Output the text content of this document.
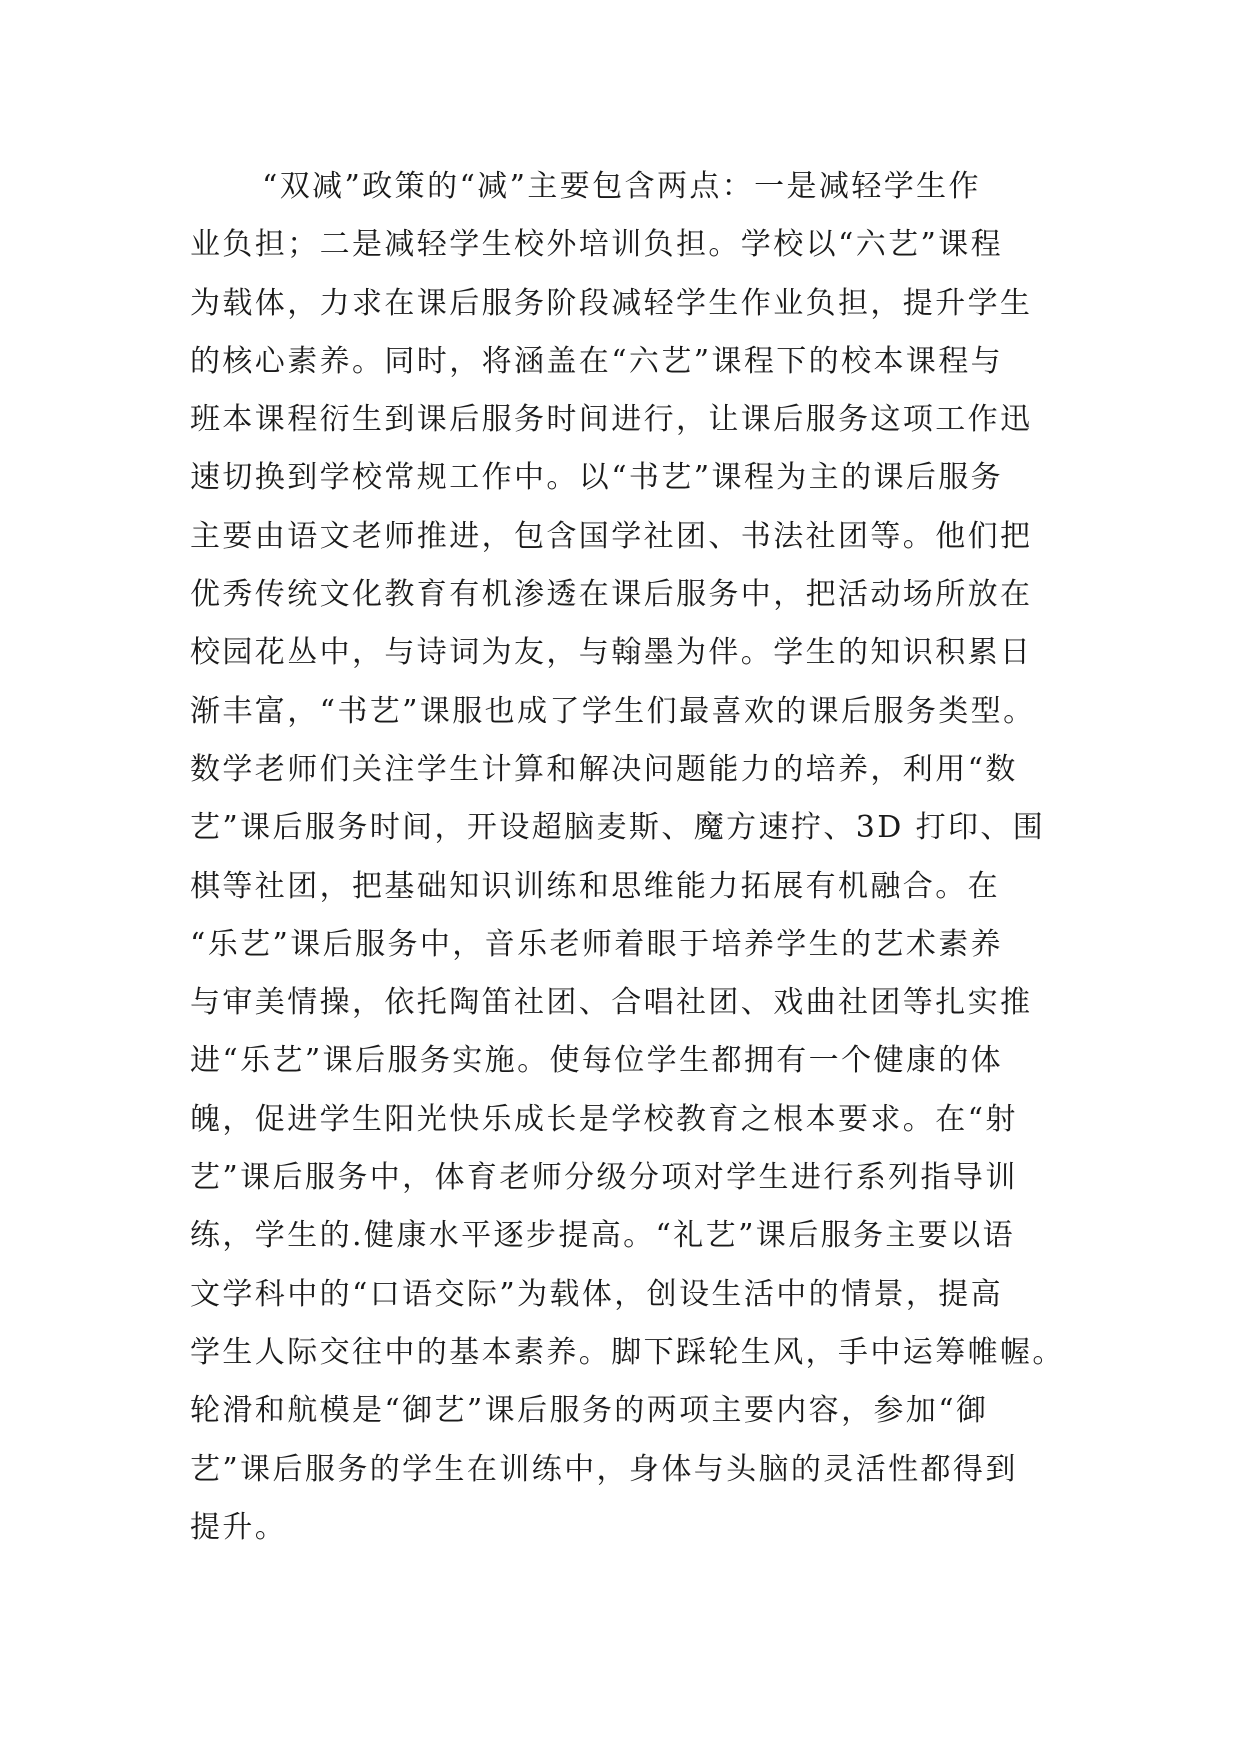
“双减”政策的“减”主要包含两点：一是减轻学生作
业负担；二是减轻学生校外培训负担。学校以“六艺”课程
为载体，力求在课后服务阶段减轻学生作业负担，提升学生
的核心素养。同时，将涵盖在“六艺”课程下的校本课程与
班本课程衍生到课后服务时间进行，让课后服务这项工作迅
速切换到学校常规工作中。以“书艺”课程为主的课后服务
主要由语文老师推进，包含国学社团、书法社团等。他们把
优秀传统文化教育有机渗透在课后服务中，把活动场所放在
校园花丛中，与诗词为友，与翰墨为伴。学生的知识积累日
渐丰富，“书艺”课服也成了学生们最喜欢的课后服务类型。
数学老师们关注学生计算和解决问题能力的培养，利用“数
艺”课后服务时间，开设超脑麦斯、魔方速拧、3D 打印、围
棋等社团，把基础知识训练和思维能力拓展有机融合。在
“乐艺”课后服务中，音乐老师着眼于培养学生的艺术素养
与审美情操，依托陶笛社团、合唱社团、戏曲社团等扎实推
进“乐艺”课后服务实施。使每位学生都拥有一个健康的体
魄，促进学生阳光快乐成长是学校教育之根本要求。在“射
艺”课后服务中，体育老师分级分项对学生进行系列指导训
练，学生的.健康水平逐步提高。“礼艺”课后服务主要以语
文学科中的“口语交际”为载体，创设生活中的情景，提高
学生人际交往中的基本素养。脚下踩轮生风，手中运筹帷幄。
轮滑和航模是“御艺”课后服务的两项主要内容，参加“御
艺”课后服务的学生在训练中，身体与头脑的灵活性都得到
提升。
